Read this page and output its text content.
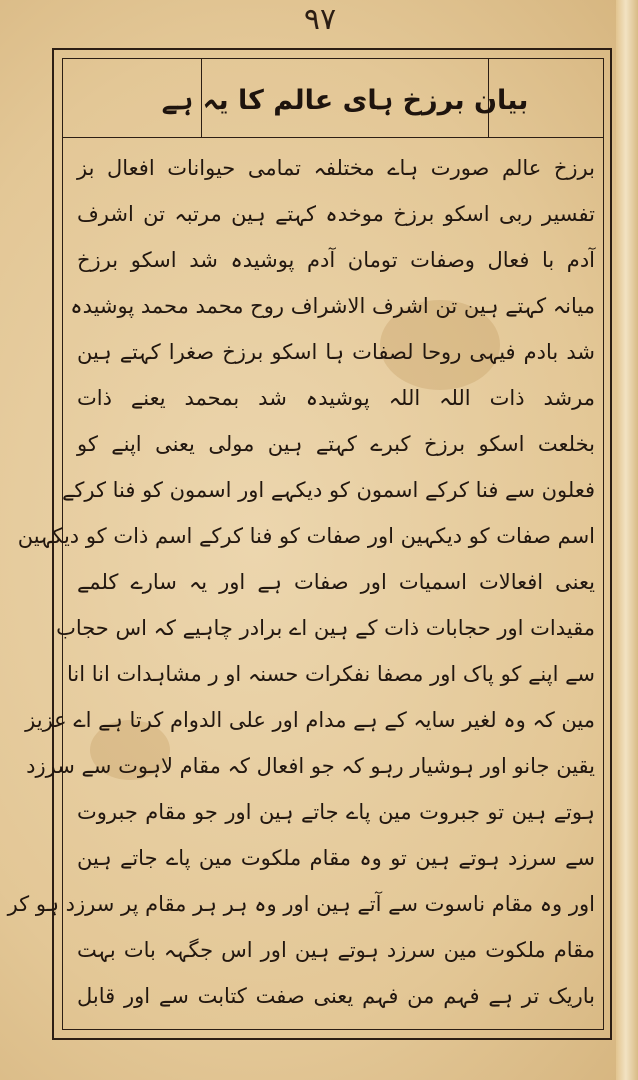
۹۷
بیان برزخ ہای عالم کا یہ ہے
برزخ عالم صورت ہاے مختلفہ تمامی حیوانات افعال بز
تفسیر ربی اسکو برزخ موخدہ کہتے ہین مرتبہ تن اشرف
آدم با فعال وصفات تومان آدم پوشیدہ شد اسکو برزخ
میانہ کہتے ہین تن اشرف الاشراف روح محمد محمد پوشیدہ
شد بادم فیہی روحا لصفات ہا اسکو برزخ صغرا کہتے ہین
مرشد ذات اللہ اللہ پوشیدہ شد بمحمد یعنے ذات
بخلعت اسکو برزخ کبرے کہتے ہین مولی یعنی اپنے کو
فعلون سے فنا کرکے اسمون کو دیکہے اور اسمون کو فنا کرکے
اسم صفات کو دیکہین اور صفات کو فنا کرکے اسم ذات کو دیکہین
یعنی افعالات اسمیات اور صفات ہے اور یہ سارے کلمے
مقیدات اور حجابات ذات کے ہین اے برادر چاہیے کہ اس حجاب
سے اپنے کو پاک اور مصفا نفکرات حسنہ او ر مشاہدات انا انا
مین کہ وہ لغیر سایہ کے ہے مدام اور علی الدوام کرتا ہے اے عزیز
یقین جانو اور ہوشیار رہو کہ جو افعال کہ مقام لاہوت سے سرزد
ہوتے ہین تو جبروت مین پاے جاتے ہین اور جو مقام جبروت
سے سرزد ہوتے ہین تو وہ مقام ملکوت مین پاے جاتے ہین
اور وہ مقام ناسوت سے آتے ہین اور وہ ہر ہر مقام پر سرزد ہو کر
مقام ملکوت مین سرزد ہوتے ہین اور اس جگہہ بات بہت
باریک تر ہے فہم من فہم یعنی صفت کتابت سے اور قابل
